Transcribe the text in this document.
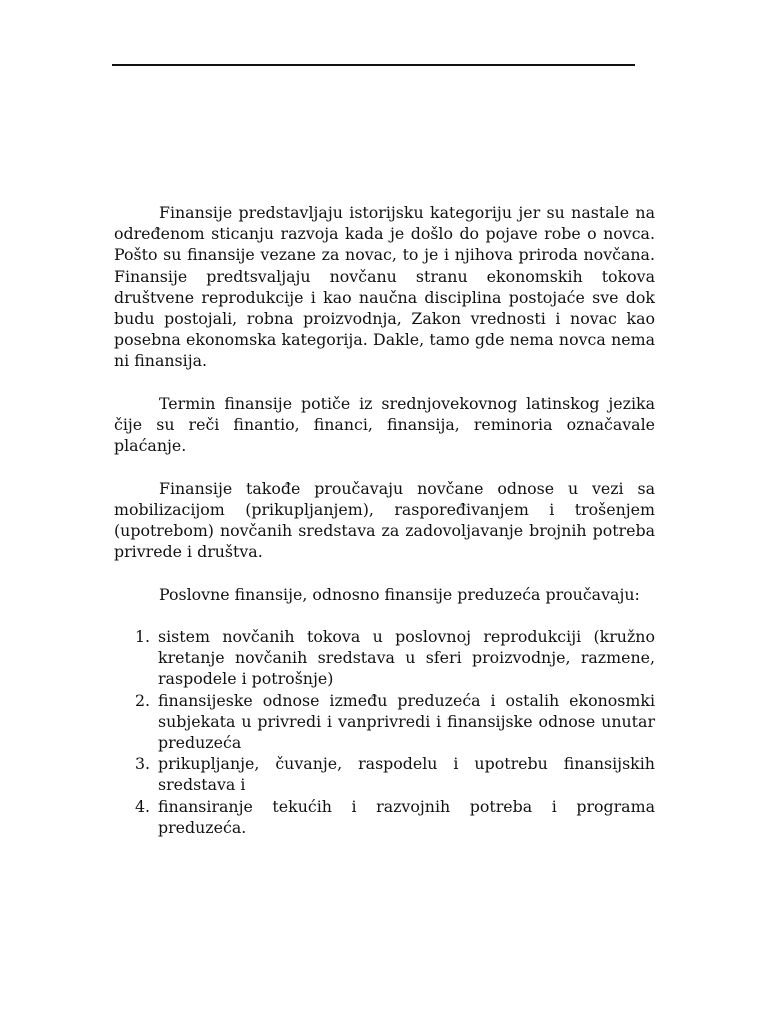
Finansije predstavljaju istorijsku kategoriju jer su nastale na određenom sticanju razvoja kada je došlo do pojave robe o novca. Pošto su finansije vezane za novac, to je i njihova priroda novčana. Finansije predtsvaljaju novčanu stranu ekonomskih tokova društvene reprodukcije i kao naučna disciplina postojaće sve dok budu postojali, robna proizvodnja, Zakon vrednosti i novac kao posebna ekonomska kategorija. Dakle, tamo gde nema novca nema ni finansija.

Termin finansije potiče iz srednjovekovnog latinskog jezika čije su reči finantio, financi, finansija, reminoria označavale plaćanje.

Finansije takođe proučavaju novčane odnose u vezi sa mobilizacijom (prikupljanjem), raspoređivanjem i trošenjem (upotrebom) novčanih sredstava za zadovoljavanje brojnih potreba privrede i društva.

Poslovne finansije, odnosno finansije preduzeća proučavaju:

1. sistem novčanih tokova u poslovnoj reprodukciji (kružno kretanje novčanih sredstava u sferi proizvodnje, razmene, raspodele i potrošnje)
2. finansijeske odnose između preduzeća i ostalih ekonosmki subjekata u privredi i vanprivredi i finansijske odnose unutar preduzeća
3. prikupljanje, čuvanje, raspodelu i upotrebu finansijskih sredstava i
4. finansiranje tekućih i razvojnih potreba i programa preduzeća.
